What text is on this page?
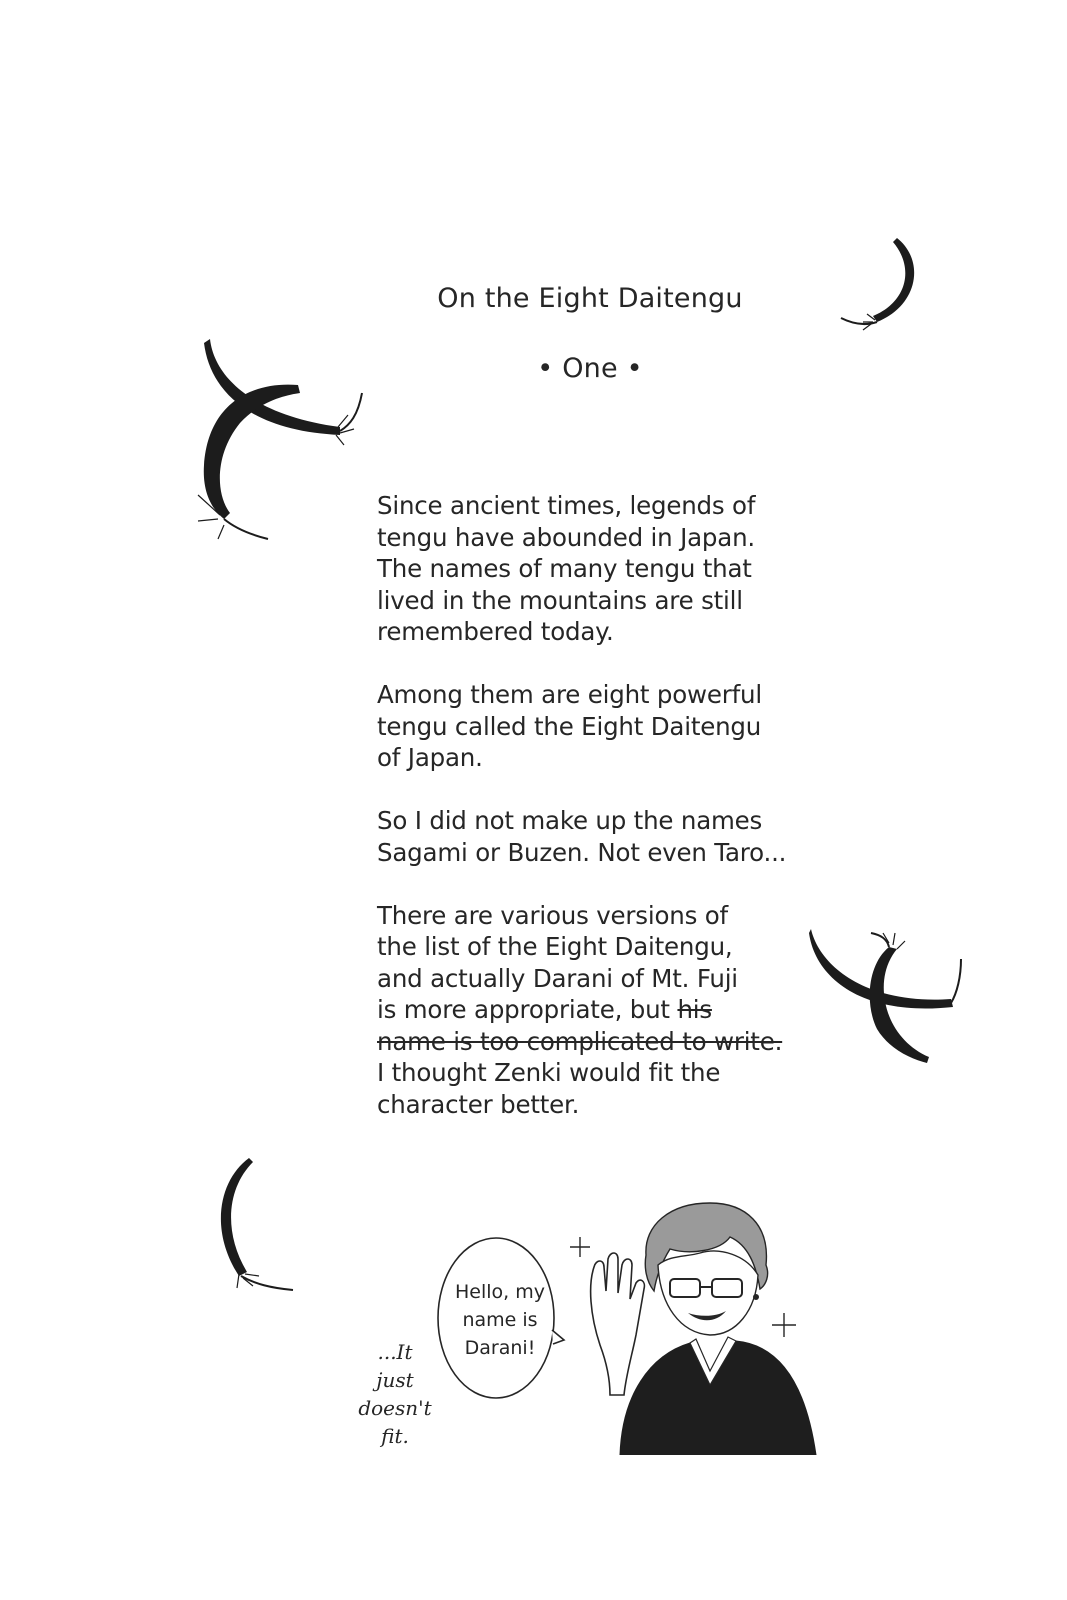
On the Eight Daitengu
• One •

Since ancient times, legends of
tengu have abounded in Japan.
The names of many tengu that
lived in the mountains are still
remembered today.

Among them are eight powerful
tengu called the Eight Daitengu
of Japan.

So I did not make up the names
Sagami or Buzen. Not even Taro...

There are various versions of
the list of the Eight Daitengu,
and actually Darani of Mt. Fuji
is more appropriate, but his
name is too complicated to write.
I thought Zenki would fit the
character better.

Hello, my
name is
Darani!
...It
just
doesn't
fit.
